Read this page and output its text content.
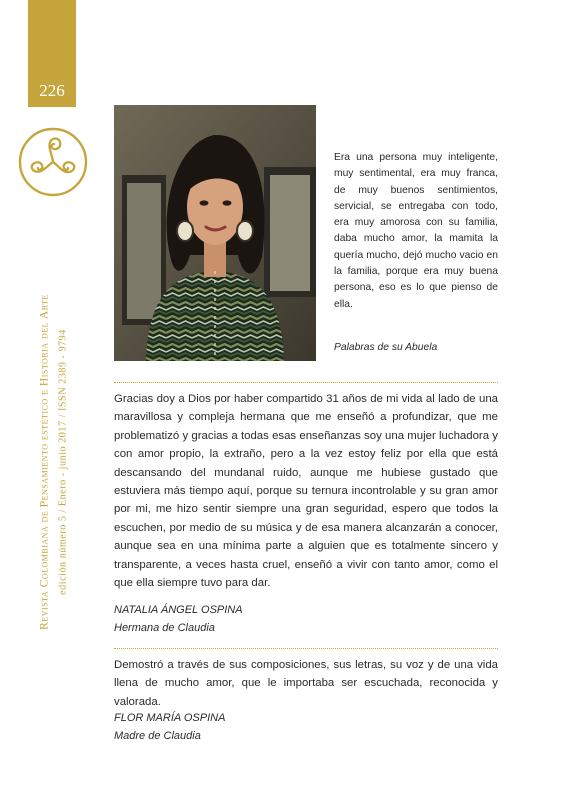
226
Revista Colombiana de Pensamiento estético e Historia del Arte edición número 5 / Enero - junio 2017 / ISSN 2389 - 9794

Era una persona muy inteligente, muy sentimental, era muy franca, de muy buenos sentimientos, servicial, se entregaba con todo, era muy amorosa con su familia, daba mucho amor, la mamita la quería mucho, dejó mucho vacio en la familia, porque era muy buena persona, eso es lo que pienso de ella.

Palabras de su Abuela

Gracias doy a Dios por haber compartido 31 años de mi vida al lado de una maravillosa y compleja hermana que me enseñó a profundizar, que me problematizó y gracias a todas esas enseñanzas soy una mujer luchadora y con amor propio, la extraño, pero a la vez estoy feliz por ella que está descansando del mundanal ruido, aunque me hubiese gustado que estuviera más tiempo aquí, porque su ternura incontrolable y su gran amor por mi, me hizo sentir siempre una gran seguridad, espero que todos la escuchen, por medio de su música y de esa manera alcanzarán a conocer, aunque sea en una mínima parte a alguien que es totalmente sincero y transparente, a veces hasta cruel, enseñó a vivir con tanto amor, como el que ella siempre tuvo para dar.

NATALIA ÁNGEL OSPINA

Hermana de Claudia

Demostró a través de sus composiciones, sus letras, su voz y de una vida llena de mucho amor, que le importaba ser escuchada, reconocida y valorada.

FLOR MARÍA OSPINA

Madre de Claudia
